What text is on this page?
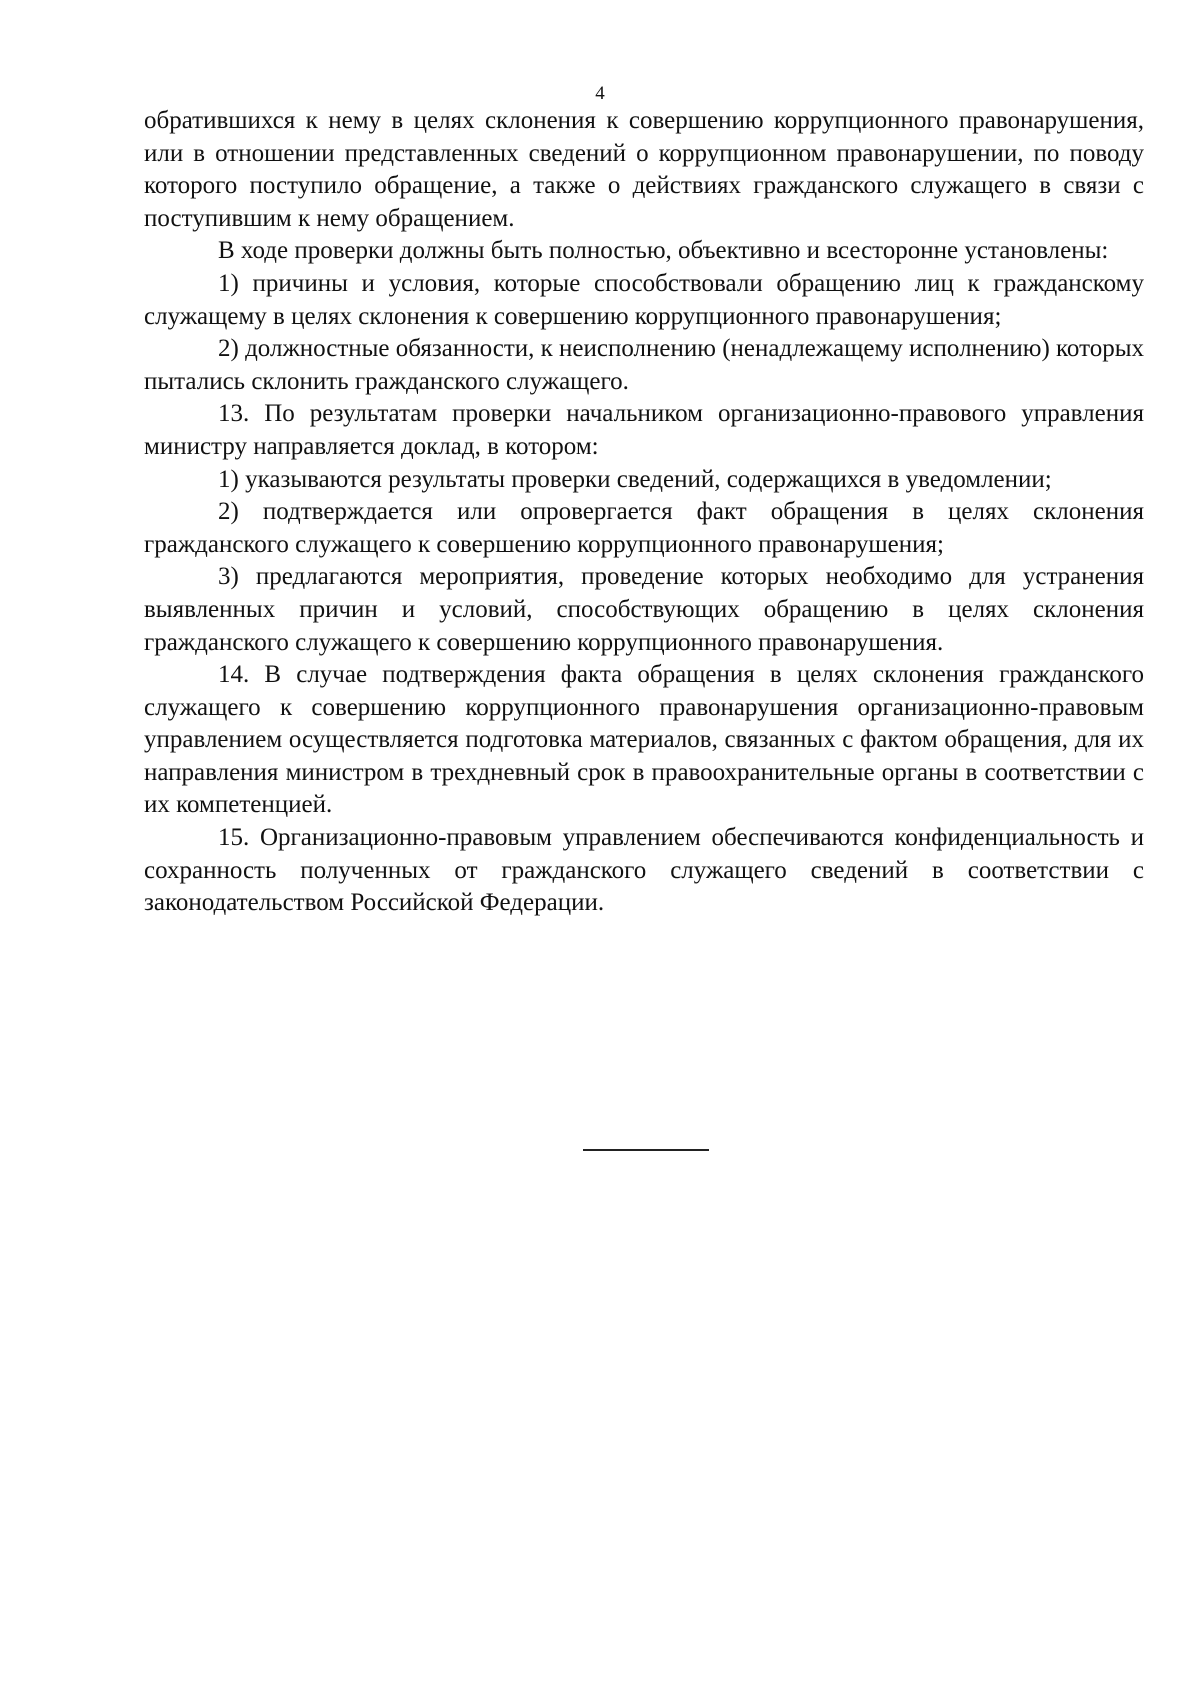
4

обратившихся к нему в целях склонения к совершению коррупционного правонарушения, или в отношении представленных сведений о коррупционном правонарушении, по поводу которого поступило обращение, а также о действиях гражданского служащего в связи с поступившим к нему обращением.

В ходе проверки должны быть полностью, объективно и всесторонне установлены:

1) причины и условия, которые способствовали обращению лиц к гражданскому служащему в целях склонения к совершению коррупционного правонарушения;

2) должностные обязанности, к неисполнению (ненадлежащему исполнению) которых пытались склонить гражданского служащего.

13. По результатам проверки начальником организационно-правового управления министру направляется доклад, в котором:

1) указываются результаты проверки сведений, содержащихся в уведомлении;

2) подтверждается или опровергается факт обращения в целях склонения гражданского служащего к совершению коррупционного правонарушения;

3) предлагаются мероприятия, проведение которых необходимо для устранения выявленных причин и условий, способствующих обращению в целях склонения гражданского служащего к совершению коррупционного правонарушения.

14. В случае подтверждения факта обращения в целях склонения гражданского служащего к совершению коррупционного правонарушения организационно-правовым управлением осуществляется подготовка материалов, связанных с фактом обращения, для их направления министром в трехдневный срок в правоохранительные органы в соответствии с их компетенцией.

15. Организационно-правовым управлением обеспечиваются конфиденциальность и сохранность полученных от гражданского служащего сведений в соответствии с законодательством Российской Федерации.
